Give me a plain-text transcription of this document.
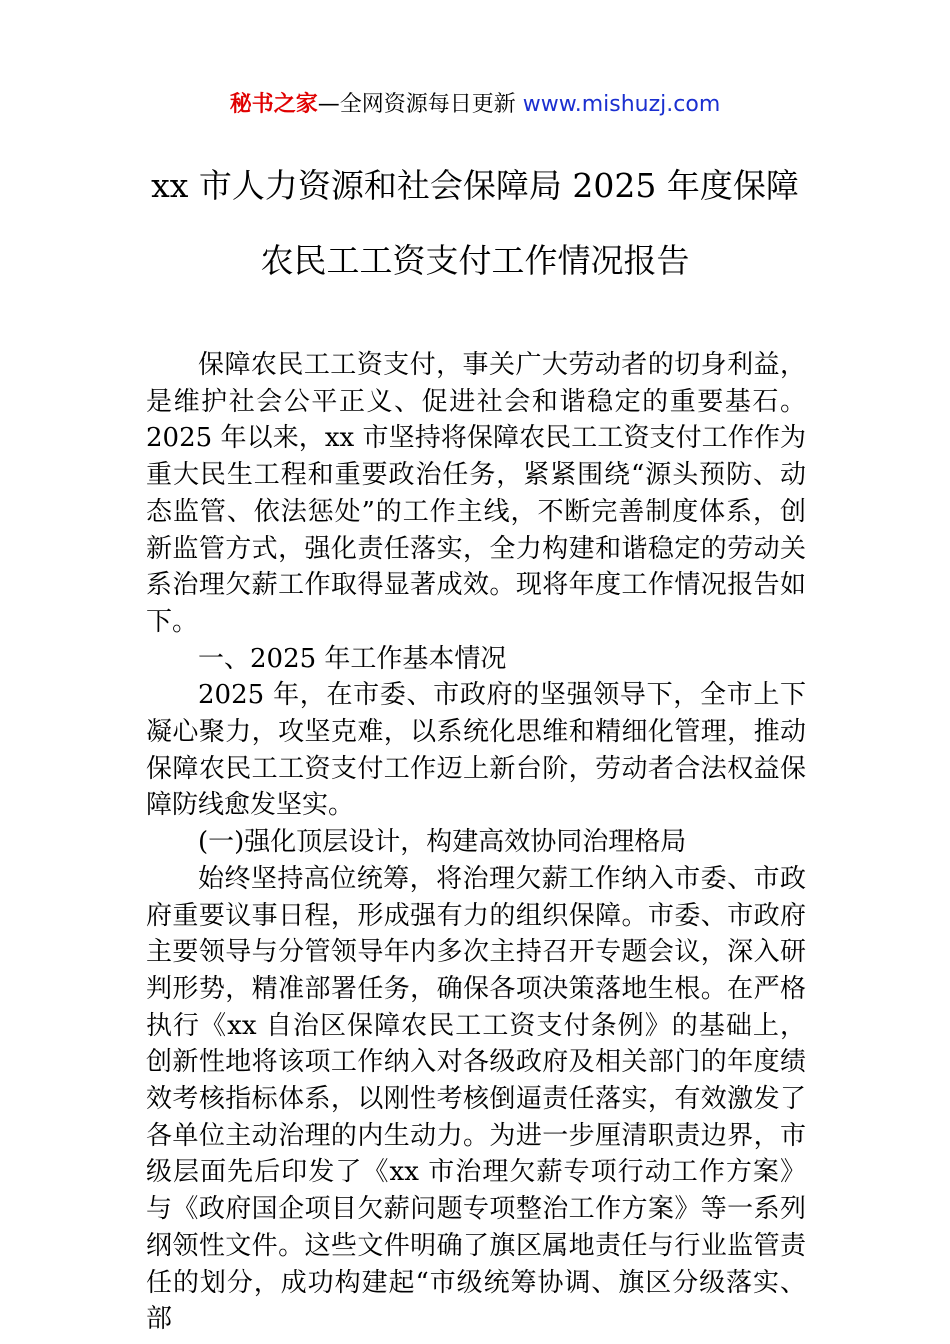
秘书之家—全网资源每日更新 www.mishuzj.com
xx 市人力资源和社会保障局 2025 年度保障
农民工工资支付工作情况报告

保障农民工工资支付，事关广大劳动者的切身利益，是维护社会公平正义、促进社会和谐稳定的重要基石。2025 年以来，xx 市坚持将保障农民工工资支付工作作为重大民生工程和重要政治任务，紧紧围绕“源头预防、动态监管、依法惩处”的工作主线，不断完善制度体系，创新监管方式，强化责任落实，全力构建和谐稳定的劳动关系治理欠薪工作取得显著成效。现将年度工作情况报告如下。

一、2025 年工作基本情况

2025 年，在市委、市政府的坚强领导下，全市上下凝心聚力，攻坚克难，以系统化思维和精细化管理，推动保障农民工工资支付工作迈上新台阶，劳动者合法权益保障防线愈发坚实。

(一)强化顶层设计，构建高效协同治理格局

始终坚持高位统筹，将治理欠薪工作纳入市委、市政府重要议事日程，形成强有力的组织保障。市委、市政府主要领导与分管领导年内多次主持召开专题会议，深入研判形势，精准部署任务，确保各项决策落地生根。在严格执行《xx 自治区保障农民工工资支付条例》的基础上，创新性地将该项工作纳入对各级政府及相关部门的年度绩效考核指标体系，以刚性考核倒逼责任落实，有效激发了各单位主动治理的内生动力。为进一步厘清职责边界，市级层面先后印发了《xx 市治理欠薪专项行动工作方案》与《政府国企项目欠薪问题专项整治工作方案》等一系列纲领性文件。这些文件明确了旗区属地责任与行业监管责任的划分，成功构建起“市级统筹协调、旗区分级落实、部
